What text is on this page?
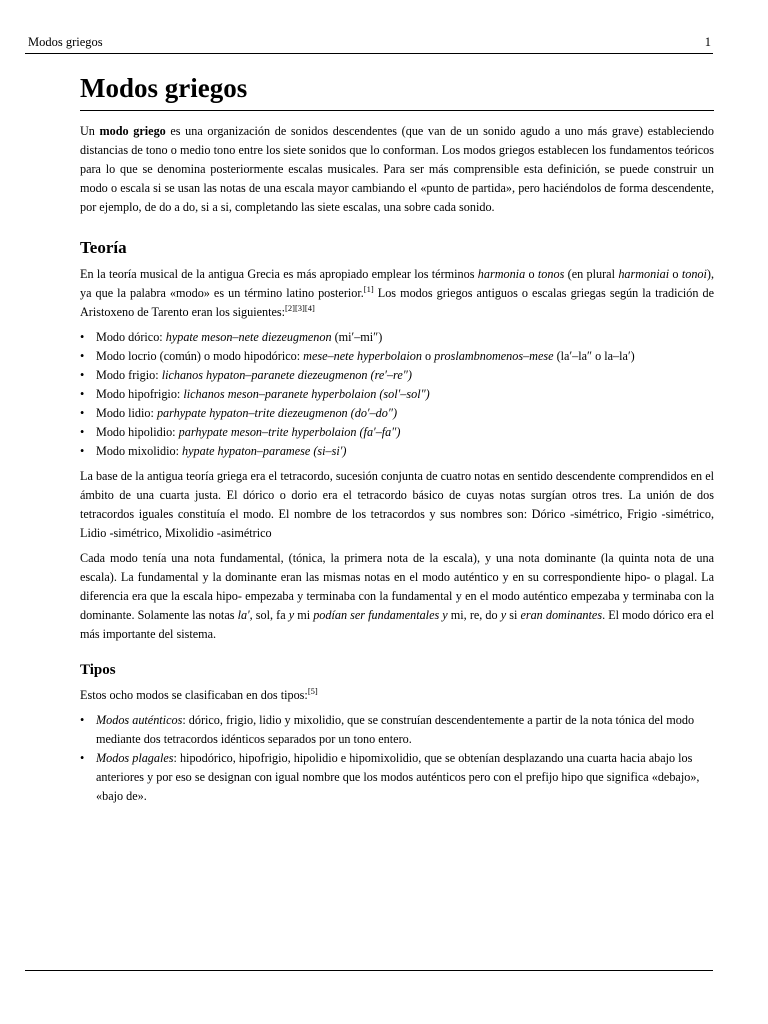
Modos griegos	1
Modos griegos

Un modo griego es una organización de sonidos descendentes (que van de un sonido agudo a uno más grave) estableciendo distancias de tono o medio tono entre los siete sonidos que lo conforman. Los modos griegos establecen los fundamentos teóricos para lo que se denomina posteriormente escalas musicales. Para ser más comprensible esta definición, se puede construir un modo o escala si se usan las notas de una escala mayor cambiando el «punto de partida», pero haciéndolos de forma descendente, por ejemplo, de do a do, si a si, completando las siete escalas, una sobre cada sonido.

Teoría

En la teoría musical de la antigua Grecia es más apropiado emplear los términos harmonia o tonos (en plural harmoniai o tonoi), ya que la palabra «modo» es un término latino posterior.[1] Los modos griegos antiguos o escalas griegas según la tradición de Aristoxeno de Tarento eran los siguientes:[2][3][4]

• Modo dórico: hypate meson–nete diezeugmenon (mi′–mi″)
• Modo locrio (común) o modo hipodórico: mese–nete hyperbolaion o proslambnomenos–mese (la′–la″ o la–la′)
• Modo frigio: lichanos hypaton–paranete diezeugmenon (re′–re″)
• Modo hipofrigio: lichanos meson–paranete hyperbolaion (sol′–sol″)
• Modo lidio: parhypate hypaton–trite diezeugmenon (do′–do″)
• Modo hipolidio: parhypate meson–trite hyperbolaion (fa′–fa″)
• Modo mixolidio: hypate hypaton–paramese (si–si′)

La base de la antigua teoría griega era el tetracordo, sucesión conjunta de cuatro notas en sentido descendente comprendidos en el ámbito de una cuarta justa. El dórico o dorio era el tetracordo básico de cuyas notas surgían otros tres. La unión de dos tetracordos iguales constituía el modo. El nombre de los tetracordos y sus nombres son: Dórico -simétrico, Frigio -simétrico, Lidio -simétrico, Mixolidio -asimétrico

Cada modo tenía una nota fundamental, (tónica, la primera nota de la escala), y una nota dominante (la quinta nota de una escala). La fundamental y la dominante eran las mismas notas en el modo auténtico y en su correspondiente hipo- o plagal. La diferencia era que la escala hipo- empezaba y terminaba con la fundamental y en el modo auténtico empezaba y terminaba con la dominante. Solamente las notas la', sol, fa y mi podían ser fundamentales y mi, re, do y si eran dominantes. El modo dórico era el más importante del sistema.

Tipos

Estos ocho modos se clasificaban en dos tipos:[5]

• Modos auténticos: dórico, frigio, lidio y mixolidio, que se construían descendentemente a partir de la nota tónica del modo mediante dos tetracordos idénticos separados por un tono entero.
• Modos plagales: hipodórico, hipofrigio, hipolidio e hipomixolidio, que se obtenían desplazando una cuarta hacia abajo los anteriores y por eso se designan con igual nombre que los modos auténticos pero con el prefijo hipo que significa «debajo», «bajo de».
